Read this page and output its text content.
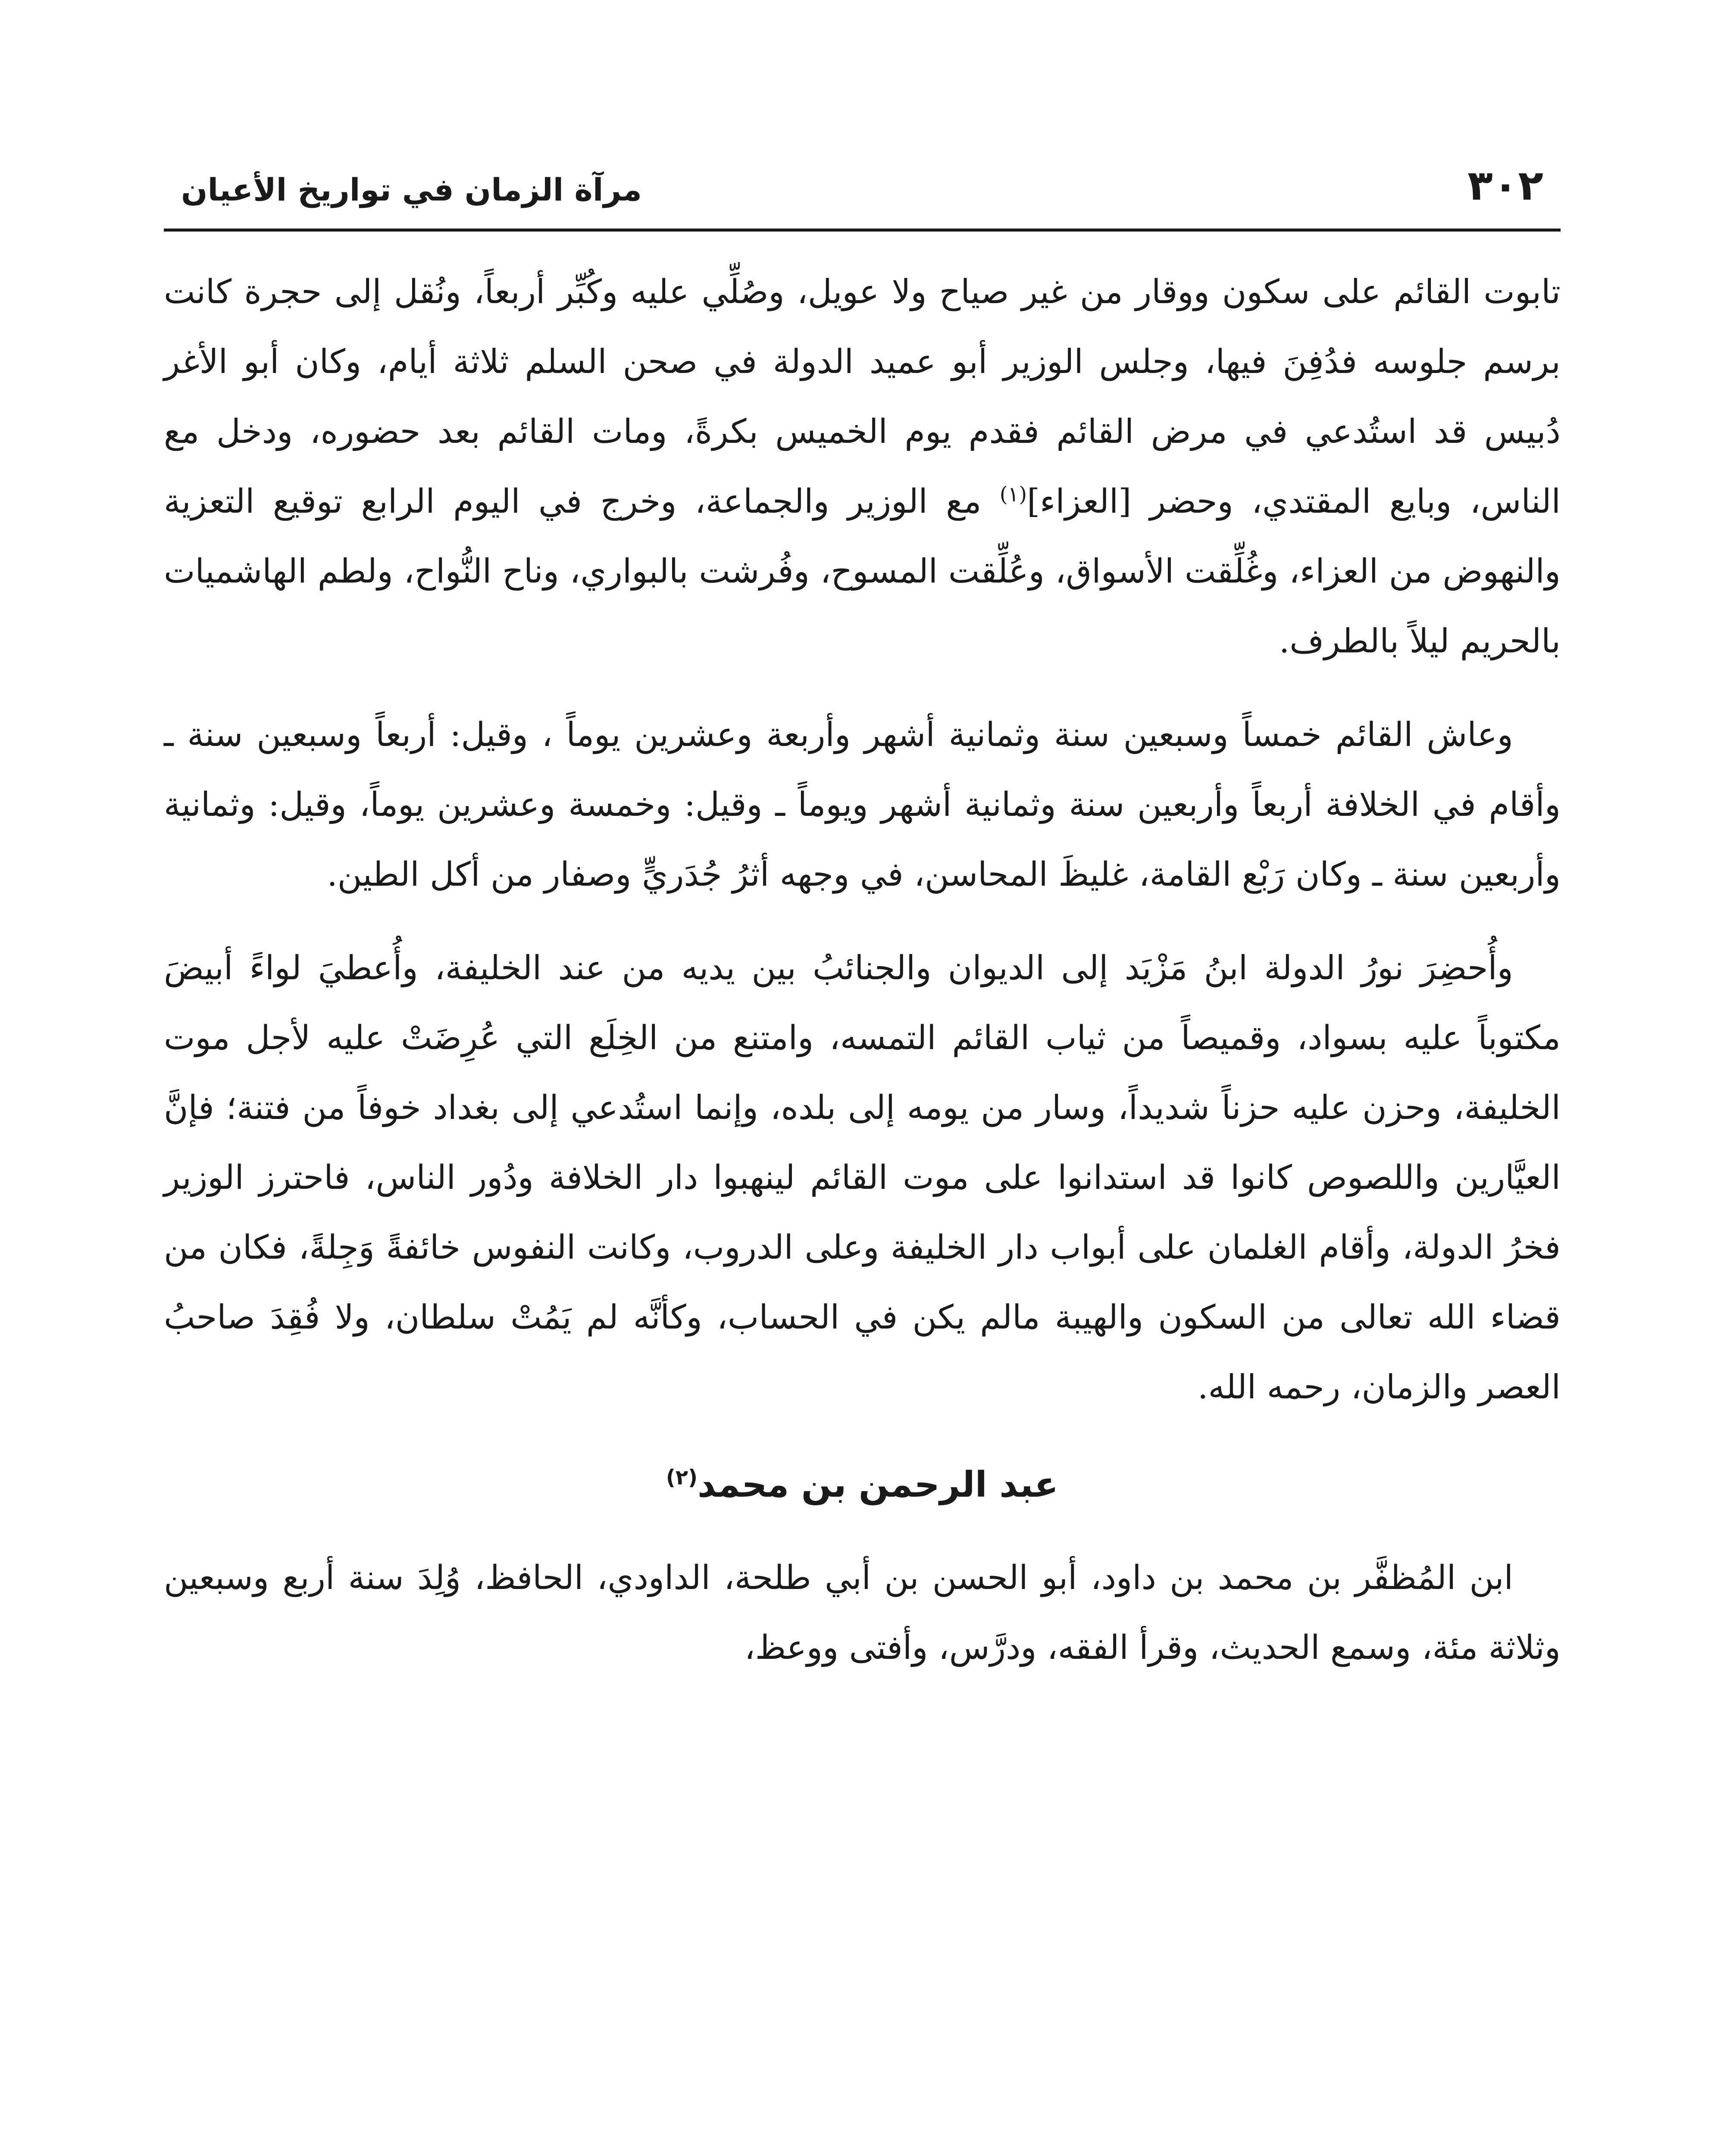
٣٠٢
مرآة الزمان في تواريخ الأعيان

تابوت القائم على سكون ووقار من غير صياح ولا عويل، وصُلِّي عليه وكُبِّر أربعاً، ونُقل إلى حجرة كانت برسم جلوسه فدُفِنَ فيها، وجلس الوزير أبو عميد الدولة في صحن السلم ثلاثة أيام، وكان أبو الأغر دُبيس قد استُدعي في مرض القائم فقدم يوم الخميس بكرةً، ومات القائم بعد حضوره، ودخل مع الناس، وبايع المقتدي، وحضر [العزاء]$^{(١)}$ مع الوزير والجماعة، وخرج في اليوم الرابع توقيع التعزية والنهوض من العزاء، وغُلِّقت الأسواق، وعُلِّقت المسوح، وفُرشت بالبواري، وناح النُّواح، ولطم الهاشميات بالحريم ليلاً بالطرف.

وعاش القائم خمساً وسبعين سنة وثمانية أشهر وأربعة وعشرين يوماً ، وقيل: أربعاً وسبعين سنة ـ وأقام في الخلافة أربعاً وأربعين سنة وثمانية أشهر ويوماً ـ وقيل: وخمسة وعشرين يوماً، وقيل: وثمانية وأربعين سنة ـ وكان رَبْع القامة، غليظَ المحاسن، في وجهه أثرُ جُدَريٍّ وصفار من أكل الطين.

وأُحضِرَ نورُ الدولة ابنُ مَزْيَد إلى الديوان والجنائبُ بين يديه من عند الخليفة، وأُعطيَ لواءً أبيضَ مكتوباً عليه بسواد، وقميصاً من ثياب القائم التمسه، وامتنع من الخِلَع التي عُرِضَتْ عليه لأجل موت الخليفة، وحزن عليه حزناً شديداً، وسار من يومه إلى بلده، وإنما استُدعي إلى بغداد خوفاً من فتنة؛ فإنَّ العيَّارين واللصوص كانوا قد استدانوا على موت القائم لينهبوا دار الخلافة ودُور الناس، فاحترز الوزير فخرُ الدولة، وأقام الغلمان على أبواب دار الخليفة وعلى الدروب، وكانت النفوس خائفةً وَجِلةً، فكان من قضاء الله تعالى من السكون والهيبة مالم يكن في الحساب، وكأنَّه لم يَمُتْ سلطان، ولا فُقِدَ صاحبُ العصر والزمان، رحمه الله.

عبد الرحمن بن محمد$^{(٢)}$

ابن المُظفَّر بن محمد بن داود، أبو الحسن بن أبي طلحة، الداودي، الحافظ، وُلِدَ سنة أربع وسبعين وثلاثة مئة، وسمع الحديث، وقرأ الفقه، ودرَّس، وأفتى ووعظ،
